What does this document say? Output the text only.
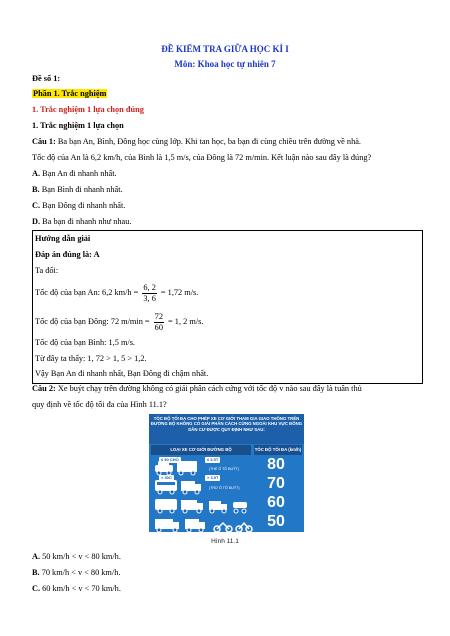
ĐỀ KIỂM TRA GIỮA HỌC KÌ I
Môn: Khoa học tự nhiên 7
Đề số 1:
Phần 1. Trắc nghiệm
1. Trắc nghiệm 1 lựa chọn đúng
1. Trắc nghiệm 1 lựa chọn
Câu 1: Ba bạn An, Bình, Đông học cùng lớp. Khi tan học, ba bạn đi cùng chiều trên đường về nhà.
Tốc độ của An là 6,2 km/h, của Bình là 1,5 m/s, của Đông là 72 m/min. Kết luận nào sau đây là đúng?
A. Bạn An đi nhanh nhất.
B. Bạn Bình đi nhanh nhất.
C. Bạn Đông đi nhanh nhất.
D. Ba bạn đi nhanh như nhau.
Hướng dẫn giải
Đáp án đúng là: A
Ta đổi:
Tốc độ của bạn An: 6,2 $km/h = \frac{6, 2}{3, 6} = 1,72$ m/s.
Tốc độ của bạn Đông: 72 $m/\min = \frac{72}{60} = 1$, 2 m/s.
Tốc độ của bạn Bình: 1,5 m/s.
Từ đây ta thấy: 1, 72 > 1, 5 > 1,2.
Vậy Bạn An đi nhanh nhất, Bạn Đông đi chậm nhất.
Câu 2: Xe buýt chạy trên đường không có giải phân cách cứng với tốc độ v nào sau đây là tuân thủ
TỐC ĐỘ TỐI ĐA CHO PHÉP XE CƠ GIỚI THAM GIA GIAO THÔNG TRÊN ĐƯỜNG BỘ KHÔNG CÓ GIẢI PHÂN CÁCH CỨNG NGOÀI KHU VỰC ĐÔNG DÂN CƯ ĐƯỢC QUY ĐỊNH NHƯ SAU:
LOẠI XE CƠ GIỚI ĐƯỜNG BỘ	TỐC ĐỘ TỐI ĐA (km/h)
≤ 30 CHỖ	≤ 3.5T
(THỂ Ô TÔ BUÝT)	80
> 30C	> 3.5T
(TRỪ Ô TÔ BUÝT)	70
60
50
Hình 11.1
A. 50 km/h < v < 80 km/h.
B. 70 km/h < v < 80 km/h.
C. 60 km/h < v < 70 km/h.
quy định về tốc độ tối đa của Hình 11.1?
